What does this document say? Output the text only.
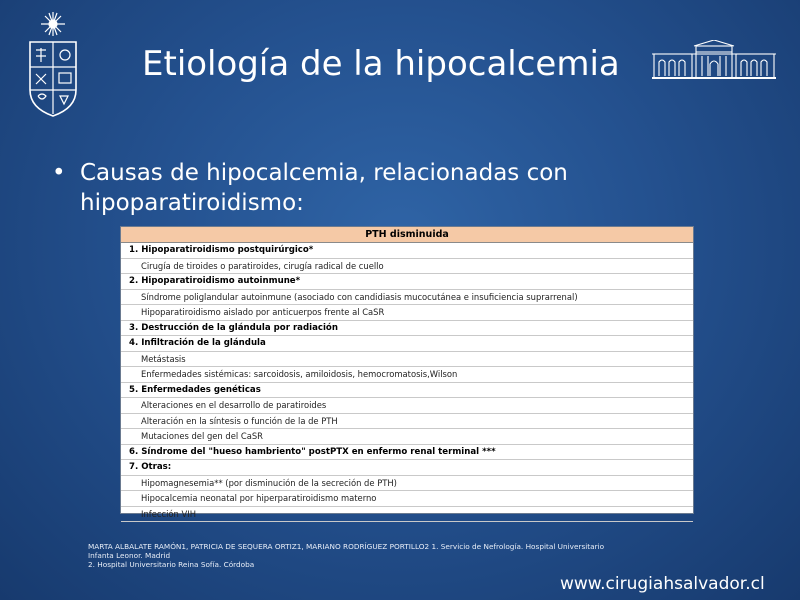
Etiología de la hipocalcemia
• Causas de hipocalcemia, relacionadas con hipoparatiroidismo:
PTH disminuida
1. Hipoparatiroidismo postquirúrgico*
Cirugía de tiroides o paratiroides, cirugía radical de cuello
2. Hipoparatiroidismo autoinmune*
Síndrome poliglandular autoinmune (asociado con candidiasis mucocutánea e insuficiencia suprarrenal)
Hipoparatiroidismo aislado por anticuerpos frente al CaSR
3. Destrucción de la glándula por radiación
4. Infiltración de la glándula
Metástasis
Enfermedades sistémicas: sarcoidosis, amiloidosis, hemocromatosis,Wilson
5. Enfermedades genéticas
Alteraciones en el desarrollo de paratiroides
Alteración en la síntesis o función de la de PTH
Mutaciones del gen del CaSR
6. Síndrome del "hueso hambriento" postPTX en enfermo renal terminal ***
7. Otras:
Hipomagnesemia** (por disminución de la secreción de PTH)
Hipocalcemia neonatal por hiperparatiroidismo materno
Infección VIH
MARTA ALBALATE RAMÓN1, PATRICIA DE SEQUERA ORTIZ1, MARIANO RODRÍGUEZ PORTILLO2 1. Servicio de Nefrología. Hospital Universitario
Infanta Leonor. Madrid
2. Hospital Universitario Reina Sofía. Córdoba
www.cirugiahsalvador.cl
